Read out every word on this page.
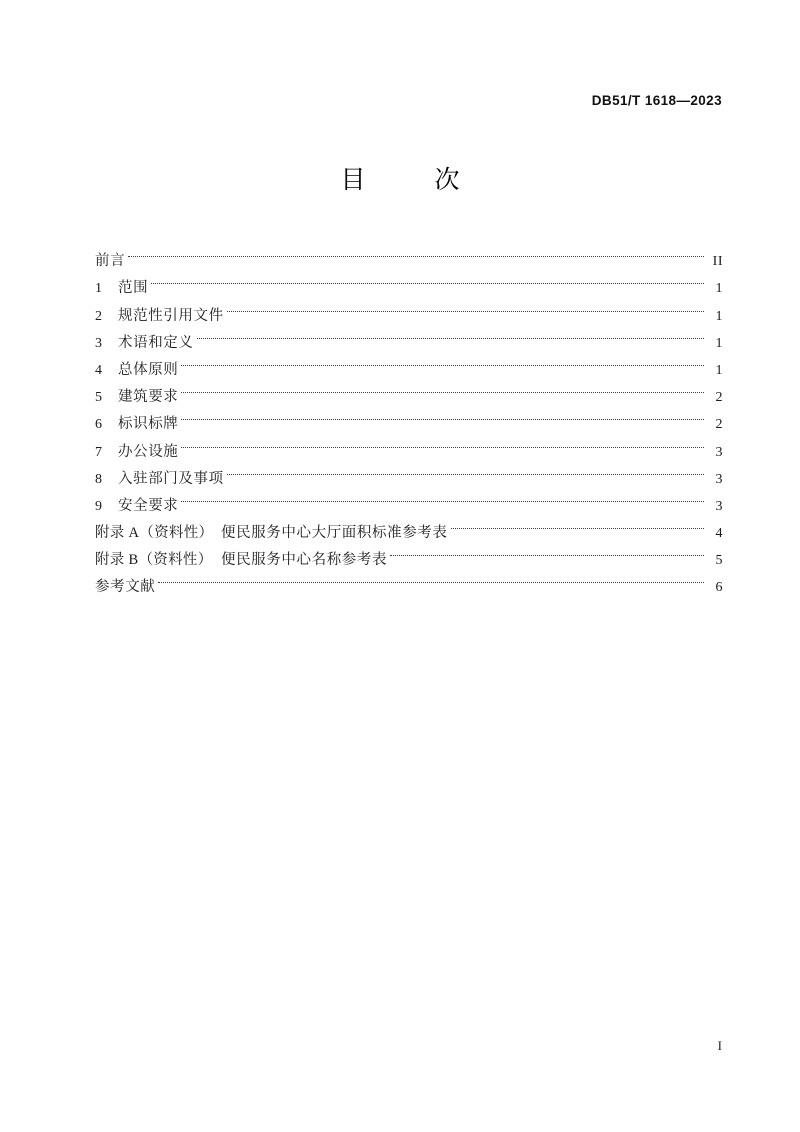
DB51/T 1618—2023
目　次
前言	II
1	范围	1
2	规范性引用文件	1
3	术语和定义	1
4	总体原则	1
5	建筑要求	2
6	标识标牌	2
7	办公设施	3
8	入驻部门及事项	3
9	安全要求	3
附录 A（资料性） 便民服务中心大厅面积标准参考表	4
附录 B（资料性） 便民服务中心名称参考表	5
参考文献	6
I
